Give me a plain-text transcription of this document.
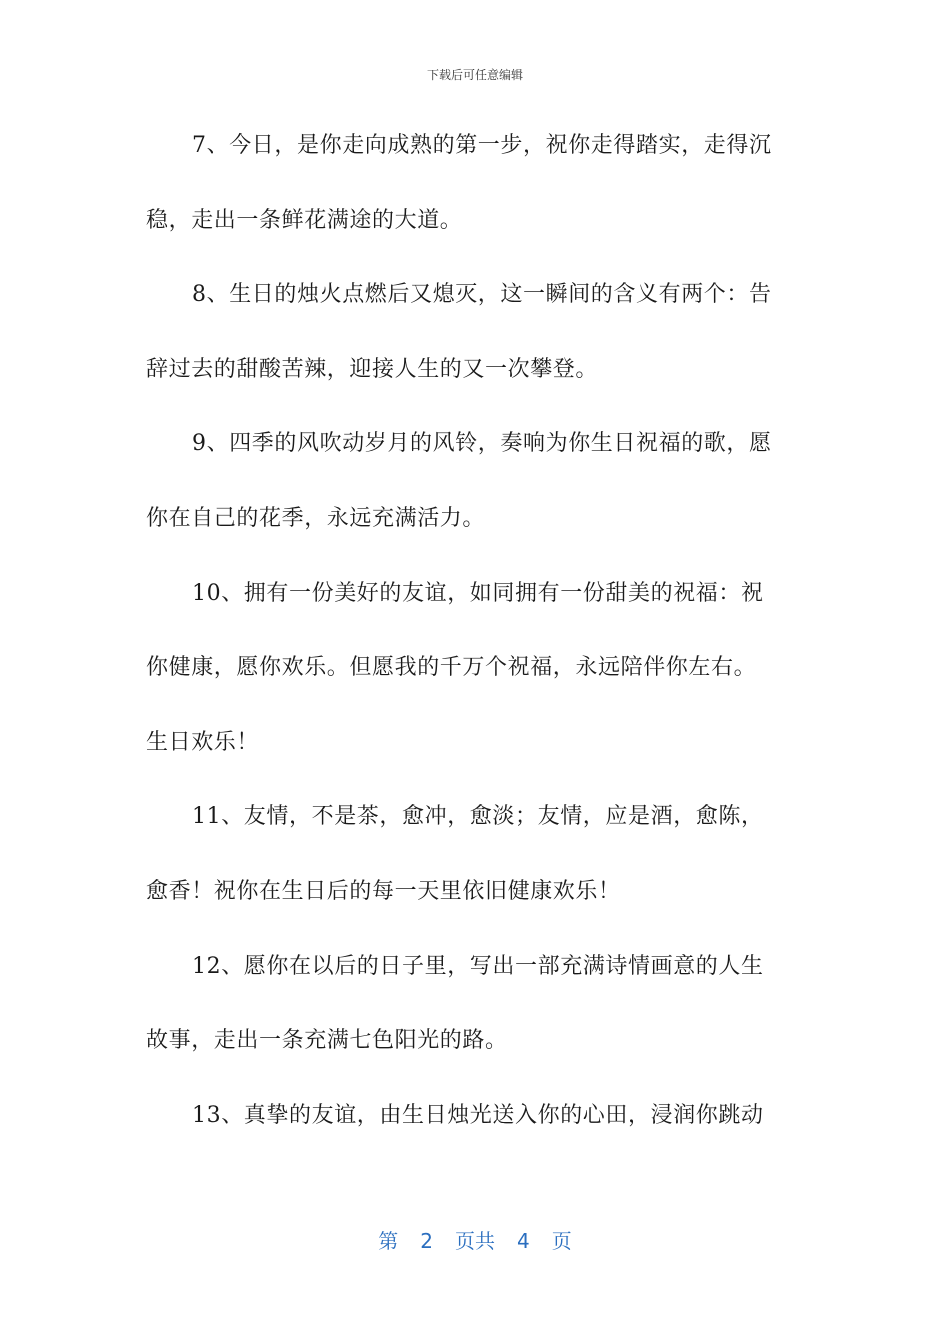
下载后可任意编辑
7、今日，是你走向成熟的第一步，祝你走得踏实，走得沉
稳，走出一条鲜花满途的大道。
8、生日的烛火点燃后又熄灭，这一瞬间的含义有两个：告
辞过去的甜酸苦辣，迎接人生的又一次攀登。
9、四季的风吹动岁月的风铃，奏响为你生日祝福的歌，愿
你在自己的花季，永远充满活力。
10、拥有一份美好的友谊，如同拥有一份甜美的祝福：祝
你健康，愿你欢乐。但愿我的千万个祝福，永远陪伴你左右。
生日欢乐！
11、友情，不是茶，愈冲，愈淡；友情，应是酒，愈陈，
愈香！祝你在生日后的每一天里依旧健康欢乐！
12、愿你在以后的日子里，写出一部充满诗情画意的人生
故事，走出一条充满七色阳光的路。
13、真挚的友谊，由生日烛光送入你的心田，浸润你跳动
第 2 页共 4 页
